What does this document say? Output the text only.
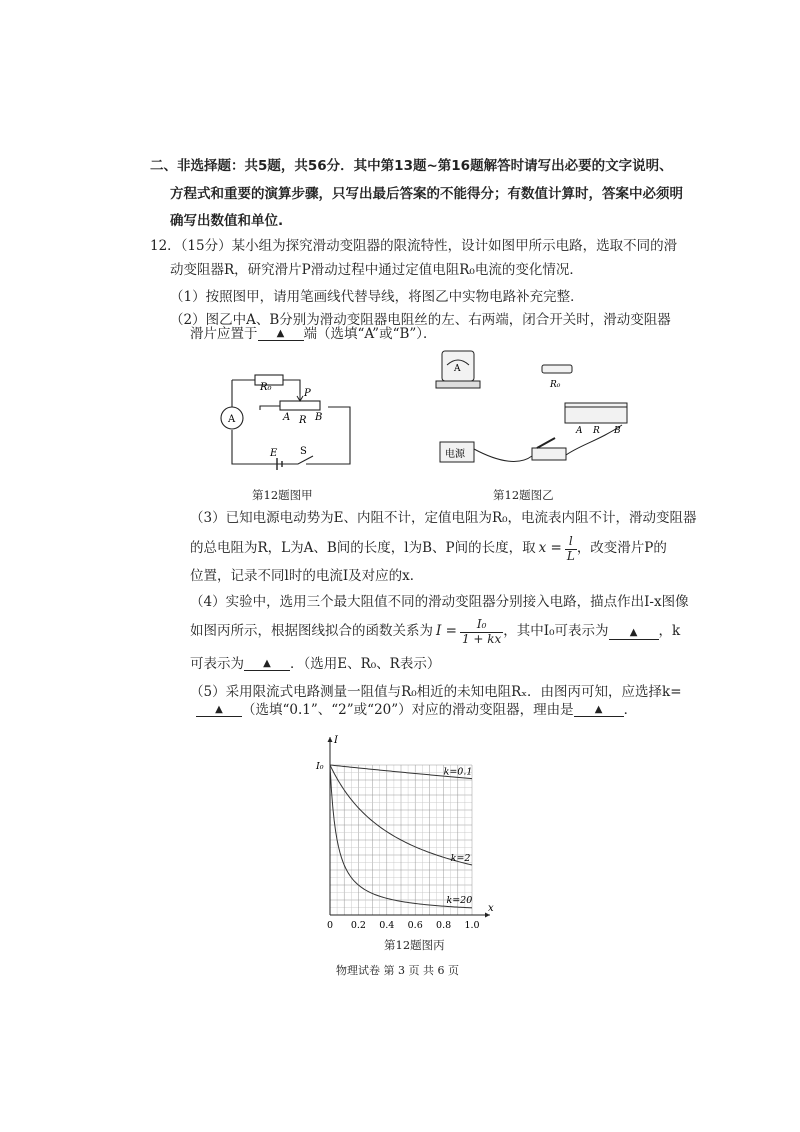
二、非选择题：共5题，共56分．其中第13题~第16题解答时请写出必要的文字说明、
方程式和重要的演算步骤，只写出最后答案的不能得分；有数值计算时，答案中必须明
确写出数值和单位.
12．（15分）某小组为探究滑动变阻器的限流特性，设计如图甲所示电路，选取不同的滑
动变阻器R，研究滑片P滑动过程中通过定值电阻R₀电流的变化情况．
（1）按照图甲，请用笔画线代替导线，将图乙中实物电路补充完整．
（2）图乙中A、B分别为滑动变阻器电阻丝的左、右两端，闭合开关时，滑动变阻器
滑片应置于	▲	端（选填“A”或“B”）．
R₀
P
A R B
A
E S
第12题图甲
A
R₀
A R B
电源
第12题图乙
（3）已知电源电动势为E、内阻不计，定值电阻为R₀，电流表内阻不计，滑动变阻器
的总电阻为R，L为A、B间的长度，l为B、P间的长度，取 $x = \frac{l}{L}$ ，改变滑片P的
位置，记录不同l时的电流I及对应的x．
（4）实验中，选用三个最大阻值不同的滑动变阻器分别接入电路，描点作出I-x图像
如图丙所示，根据图线拟合的函数关系为 $I = \frac{\text{I₀}}{1 + kx}$ ，其中I₀可表示为	▲	，k
可表示为	▲	．（选用E、R₀、R表示）
（5）采用限流式电路测量一阻值与R₀相近的未知电阻Rₓ．由图丙可知，应选择k=
▲	（选填“0.1”、“2”或“20”）对应的滑动变阻器，理由是	▲	．
0 0.2 0.4 0.6 0.8 1.0
x
I
I₀
k=0.1
k=2
k=20
第12题图丙
物理试卷 第 3 页 共 6 页
